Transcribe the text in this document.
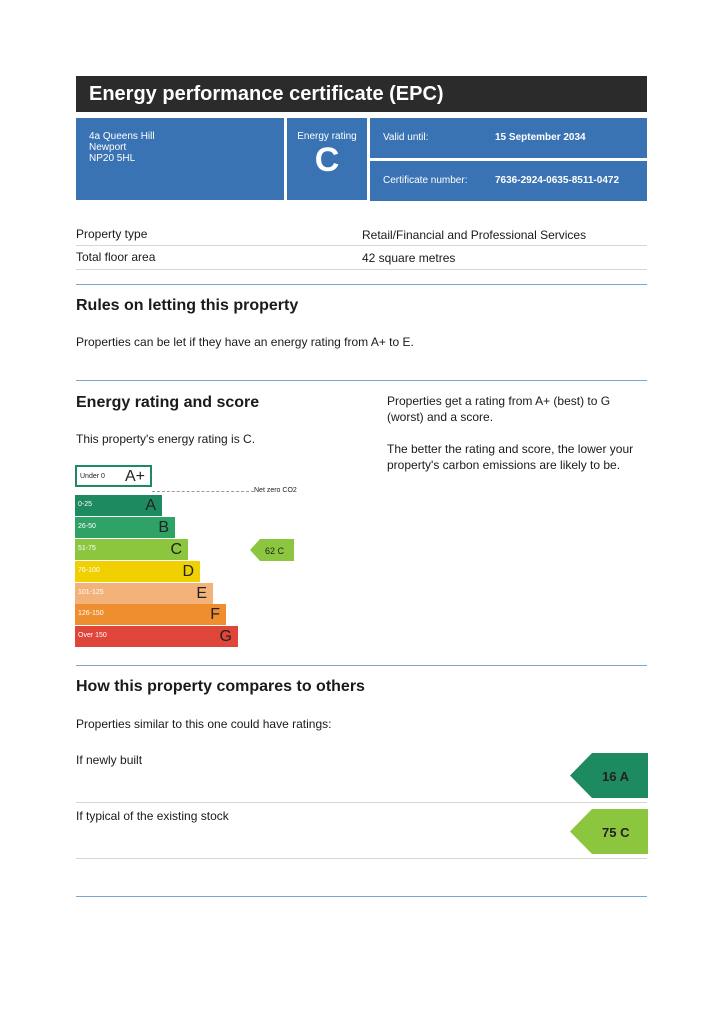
Energy performance certificate (EPC)
4a Queens Hill
Newport
NP20 5HL
Energy rating
C
Valid until:	15 September 2034
Certificate number:	7636-2924-0635-8511-0472
Property type	Retail/Financial and Professional Services
Total floor area	42 square metres
Rules on letting this property
Properties can be let if they have an energy rating from A+ to E.
Energy rating and score
This property's energy rating is C.
Properties get a rating from A+ (best) to G (worst) and a score.
The better the rating and score, the lower your property's carbon emissions are likely to be.
Under 0 A+
Net zero CO2
0-25	A
26-50	B
51-75	C
76-100	D
101-125	E
126-150	F
Over 150	G
62 C
How this property compares to others
Properties similar to this one could have ratings:
If newly built
16 A
If typical of the existing stock
75 C
